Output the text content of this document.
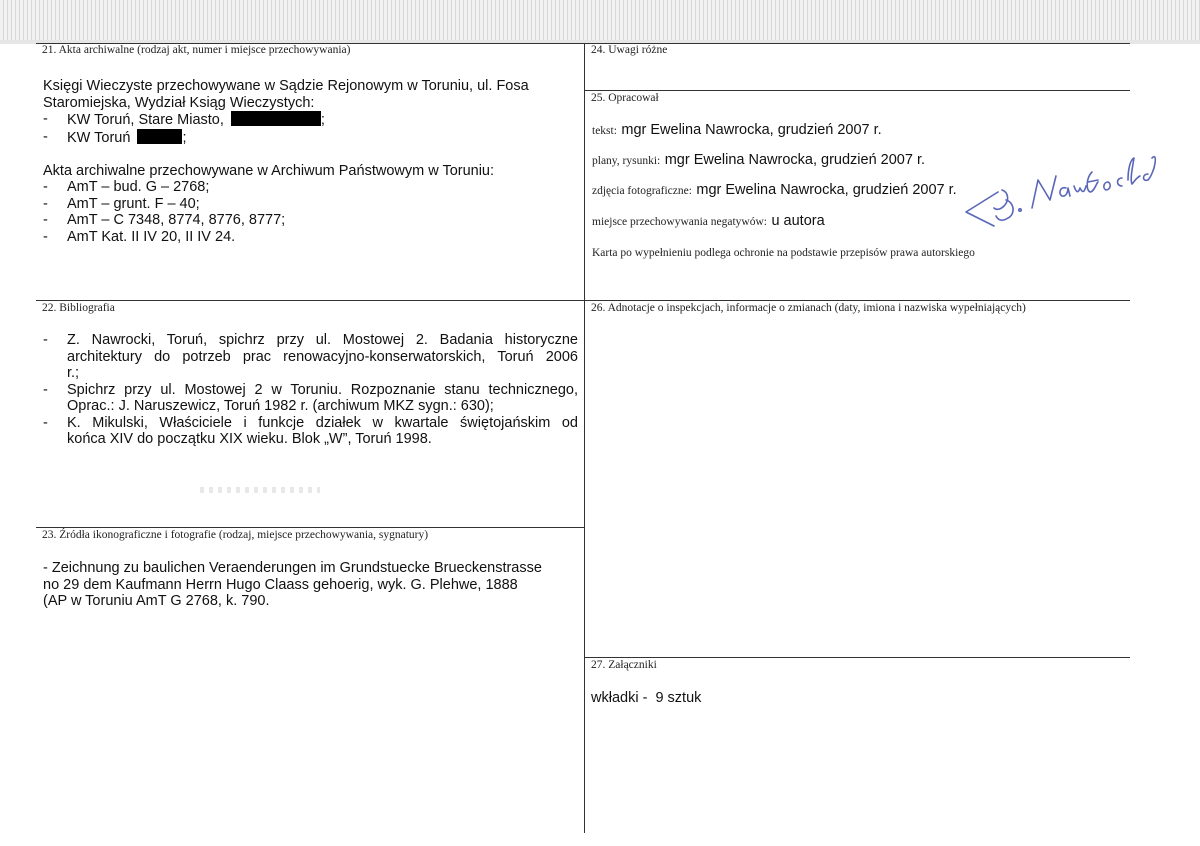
21. Akta archiwalne (rodzaj akt, numer i miejsce przechowywania)
Księgi Wieczyste przechowywane w Sądzie Rejonowym w Toruniu, ul. Fosa
Staromiejska, Wydział Ksiąg Wieczystych:
- KW Toruń, Stare Miasto,	;
- KW Toruń	;
Akta archiwalne przechowywane w Archiwum Państwowym w Toruniu:
- AmT – bud. G – 2768;
- AmT – grunt. F – 40;
- AmT – C 7348, 8774, 8776, 8777;
- AmT Kat. II IV 20, II IV 24.
22. Bibliografia
- Z. Nawrocki, Toruń, spichrz przy ul. Mostowej 2. Badania historyczne
architektury do potrzeb prac renowacyjno-konserwatorskich, Toruń 2006
r.;
- Spichrz przy ul. Mostowej 2 w Toruniu. Rozpoznanie stanu technicznego,
Oprac.: J. Naruszewicz, Toruń 1982 r. (archiwum MKZ sygn.: 630);
- K. Mikulski, Właściciele i funkcje działek w kwartale świętojańskim od
końca XIV do początku XIX wieku. Blok „W”, Toruń 1998.
23. Źródła ikonograficzne i fotografie (rodzaj, miejsce przechowywania, sygnatury)
- Zeichnung zu baulichen Veraenderungen im Grundstuecke Brueckenstrasse
no 29 dem Kaufmann Herrn Hugo Claass gehoerig, wyk. G. Plehwe, 1888
(AP w Toruniu AmT G 2768, k. 790.
24. Uwagi różne
25. Opracował
tekst: mgr Ewelina Nawrocka, grudzień 2007 r.
plany, rysunki: mgr Ewelina Nawrocka, grudzień 2007 r.
zdjęcia fotograficzne: mgr Ewelina Nawrocka, grudzień 2007 r.
miejsce przechowywania negatywów: u autora
Karta po wypełnieniu podlega ochronie na podstawie przepisów prawa autorskiego
26. Adnotacje o inspekcjach, informacje o zmianach (daty, imiona i nazwiska wypełniających)
27. Załączniki
wkładki -  9 sztuk
